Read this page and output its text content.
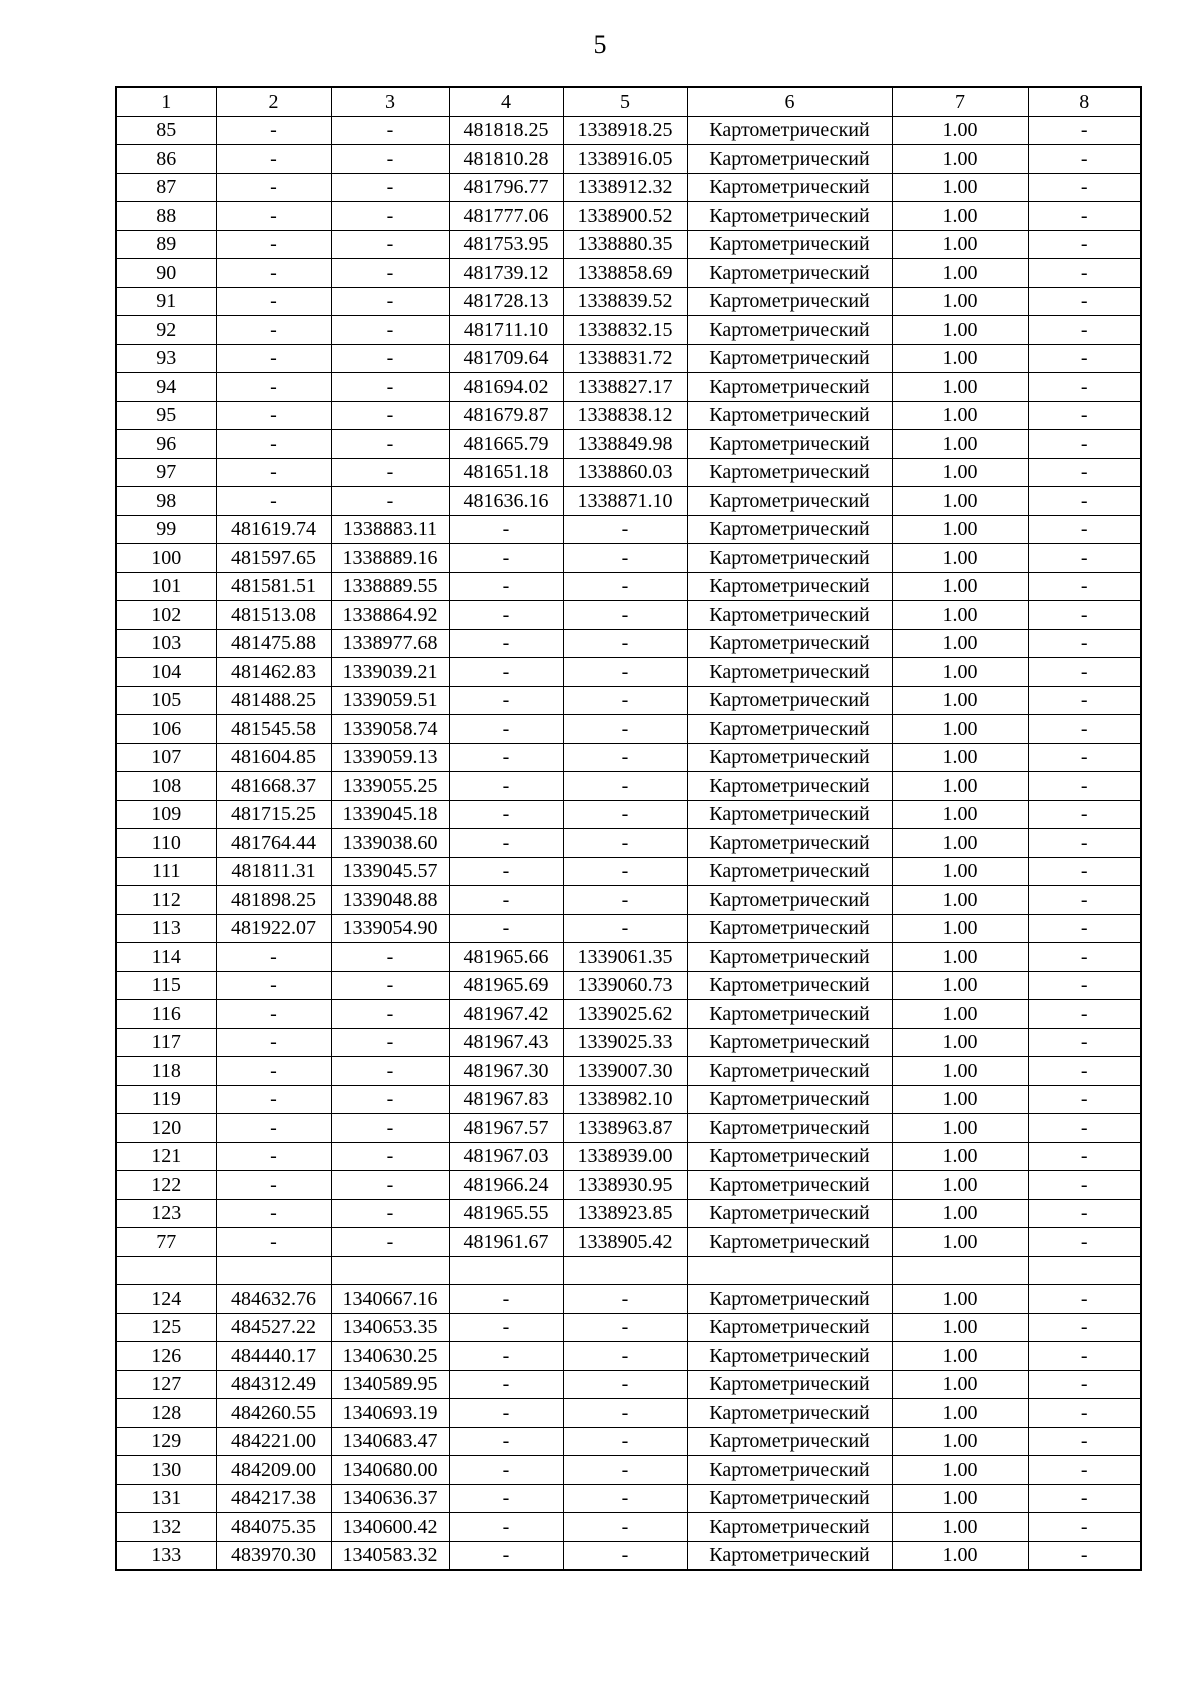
5
1	2	3	4	5	6	7	8
85	-	-	481818.25	1338918.25	Картометрический	1.00	-
86	-	-	481810.28	1338916.05	Картометрический	1.00	-
87	-	-	481796.77	1338912.32	Картометрический	1.00	-
88	-	-	481777.06	1338900.52	Картометрический	1.00	-
89	-	-	481753.95	1338880.35	Картометрический	1.00	-
90	-	-	481739.12	1338858.69	Картометрический	1.00	-
91	-	-	481728.13	1338839.52	Картометрический	1.00	-
92	-	-	481711.10	1338832.15	Картометрический	1.00	-
93	-	-	481709.64	1338831.72	Картометрический	1.00	-
94	-	-	481694.02	1338827.17	Картометрический	1.00	-
95	-	-	481679.87	1338838.12	Картометрический	1.00	-
96	-	-	481665.79	1338849.98	Картометрический	1.00	-
97	-	-	481651.18	1338860.03	Картометрический	1.00	-
98	-	-	481636.16	1338871.10	Картометрический	1.00	-
99	481619.74	1338883.11	-	-	Картометрический	1.00	-
100	481597.65	1338889.16	-	-	Картометрический	1.00	-
101	481581.51	1338889.55	-	-	Картометрический	1.00	-
102	481513.08	1338864.92	-	-	Картометрический	1.00	-
103	481475.88	1338977.68	-	-	Картометрический	1.00	-
104	481462.83	1339039.21	-	-	Картометрический	1.00	-
105	481488.25	1339059.51	-	-	Картометрический	1.00	-
106	481545.58	1339058.74	-	-	Картометрический	1.00	-
107	481604.85	1339059.13	-	-	Картометрический	1.00	-
108	481668.37	1339055.25	-	-	Картометрический	1.00	-
109	481715.25	1339045.18	-	-	Картометрический	1.00	-
110	481764.44	1339038.60	-	-	Картометрический	1.00	-
111	481811.31	1339045.57	-	-	Картометрический	1.00	-
112	481898.25	1339048.88	-	-	Картометрический	1.00	-
113	481922.07	1339054.90	-	-	Картометрический	1.00	-
114	-	-	481965.66	1339061.35	Картометрический	1.00	-
115	-	-	481965.69	1339060.73	Картометрический	1.00	-
116	-	-	481967.42	1339025.62	Картометрический	1.00	-
117	-	-	481967.43	1339025.33	Картометрический	1.00	-
118	-	-	481967.30	1339007.30	Картометрический	1.00	-
119	-	-	481967.83	1338982.10	Картометрический	1.00	-
120	-	-	481967.57	1338963.87	Картометрический	1.00	-
121	-	-	481967.03	1338939.00	Картометрический	1.00	-
122	-	-	481966.24	1338930.95	Картометрический	1.00	-
123	-	-	481965.55	1338923.85	Картометрический	1.00	-
77	-	-	481961.67	1338905.42	Картометрический	1.00	-

124	484632.76	1340667.16	-	-	Картометрический	1.00	-
125	484527.22	1340653.35	-	-	Картометрический	1.00	-
126	484440.17	1340630.25	-	-	Картометрический	1.00	-
127	484312.49	1340589.95	-	-	Картометрический	1.00	-
128	484260.55	1340693.19	-	-	Картометрический	1.00	-
129	484221.00	1340683.47	-	-	Картометрический	1.00	-
130	484209.00	1340680.00	-	-	Картометрический	1.00	-
131	484217.38	1340636.37	-	-	Картометрический	1.00	-
132	484075.35	1340600.42	-	-	Картометрический	1.00	-
133	483970.30	1340583.32	-	-	Картометрический	1.00	-
